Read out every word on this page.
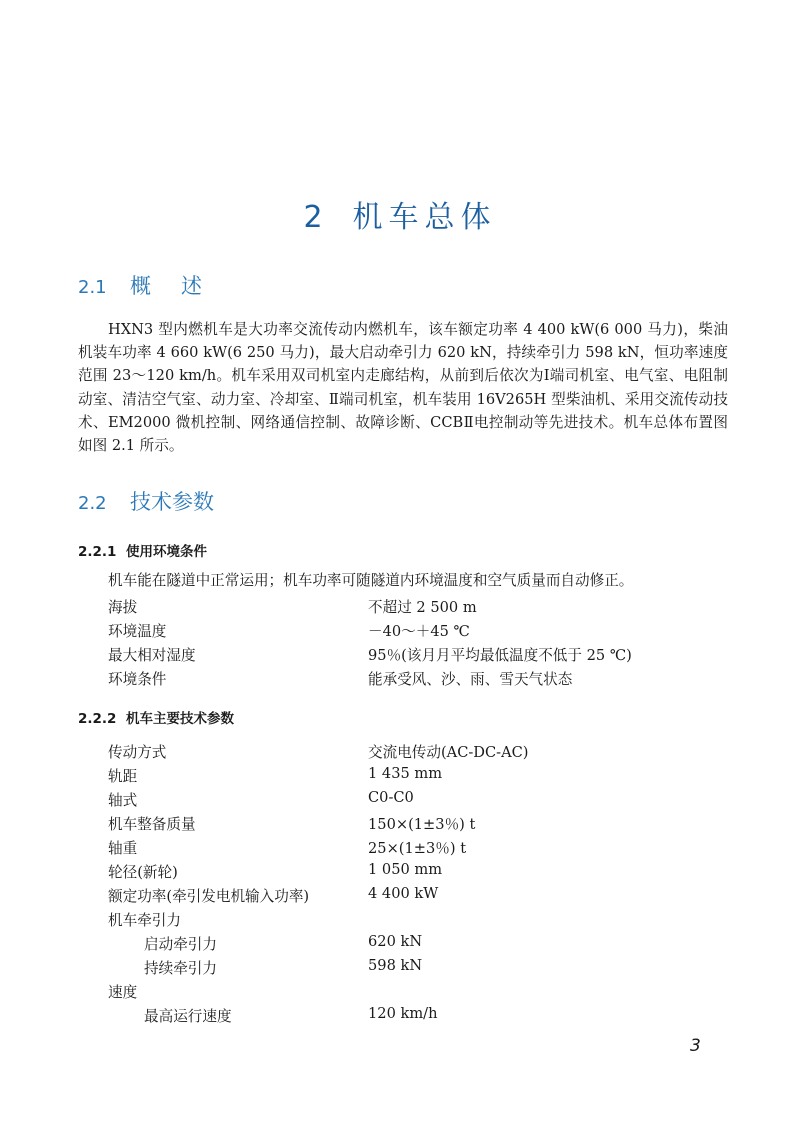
2 机车总体
2.1 概述
HXN3 型内燃机车是大功率交流传动内燃机车，该车额定功率 4 400 kW(6 000 马力)，柴油机装车功率 4 660 kW(6 250 马力)，最大启动牵引力 620 kN，持续牵引力 598 kN，恒功率速度范围 23～120 km/h。机车采用双司机室内走廊结构，从前到后依次为Ⅰ端司机室、电气室、电阻制动室、清洁空气室、动力室、冷却室、Ⅱ端司机室，机车装用 16V265H 型柴油机、采用交流传动技术、EM2000 微机控制、网络通信控制、故障诊断、CCBⅡ电控制动等先进技术。机车总体布置图如图 2.1 所示。
2.2 技术参数
2.2.1 使用环境条件
机车能在隧道中正常运用；机车功率可随隧道内环境温度和空气质量而自动修正。
海拔	不超过 2 500 m
环境温度	－40～＋45 ℃
最大相对湿度	95％(该月月平均最低温度不低于 25 ℃)
环境条件	能承受风、沙、雨、雪天气状态
2.2.2 机车主要技术参数
传动方式	交流电传动(AC-DC-AC)
轨距	1 435 mm
轴式	C0-C0
机车整备质量	150×(1±3％) t
轴重	25×(1±3％) t
轮径(新轮)	1 050 mm
额定功率(牵引发电机输入功率)	4 400 kW
机车牵引力
启动牵引力	620 kN
持续牵引力	598 kN
速度
最高运行速度	120 km/h
3
